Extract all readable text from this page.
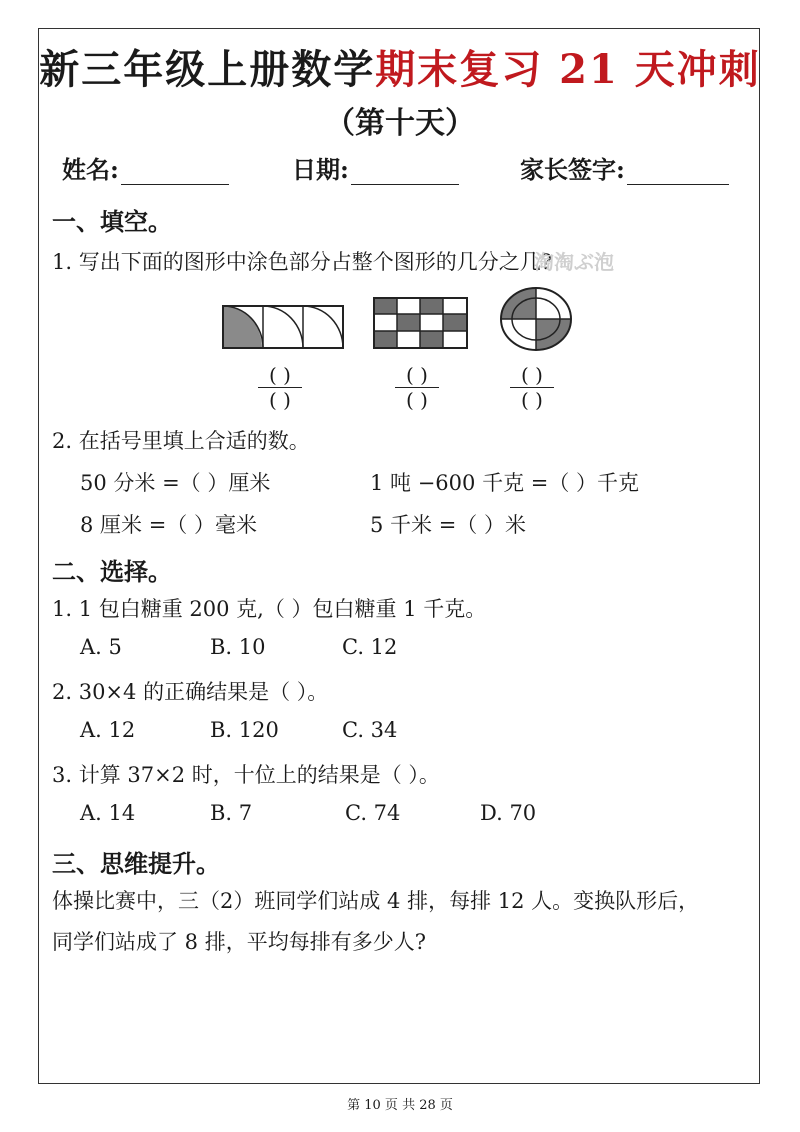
新三年级上册数学期末复习 21 天冲刺
（第十天）
姓名:	日期:	家长签字:
一、填空。
1. 写出下面的图形中涂色部分占整个图形的几分之几?
淘淘ぶ泡
( )
( )
( )
( )
( )
( )
2. 在括号里填上合适的数。
50 分米 =（ ）厘米	1 吨 −600 千克 =（ ）千克
8 厘米 =（ ）毫米	5 千米 =（ ）米
二、选择。
1. 1 包白糖重 200 克,（ ）包白糖重 1 千克。
A. 5	B. 10	C. 12
2. 30×4 的正确结果是（ ）。
A. 12	B. 120	C. 34
3. 计算 37×2 时，十位上的结果是（ ）。
A. 14	B. 7	C. 74	D. 70
三、思维提升。
体操比赛中，三（2）班同学们站成 4 排，每排 12 人。变换队形后，
同学们站成了 8 排，平均每排有多少人?
第 10 页 共 28 页
